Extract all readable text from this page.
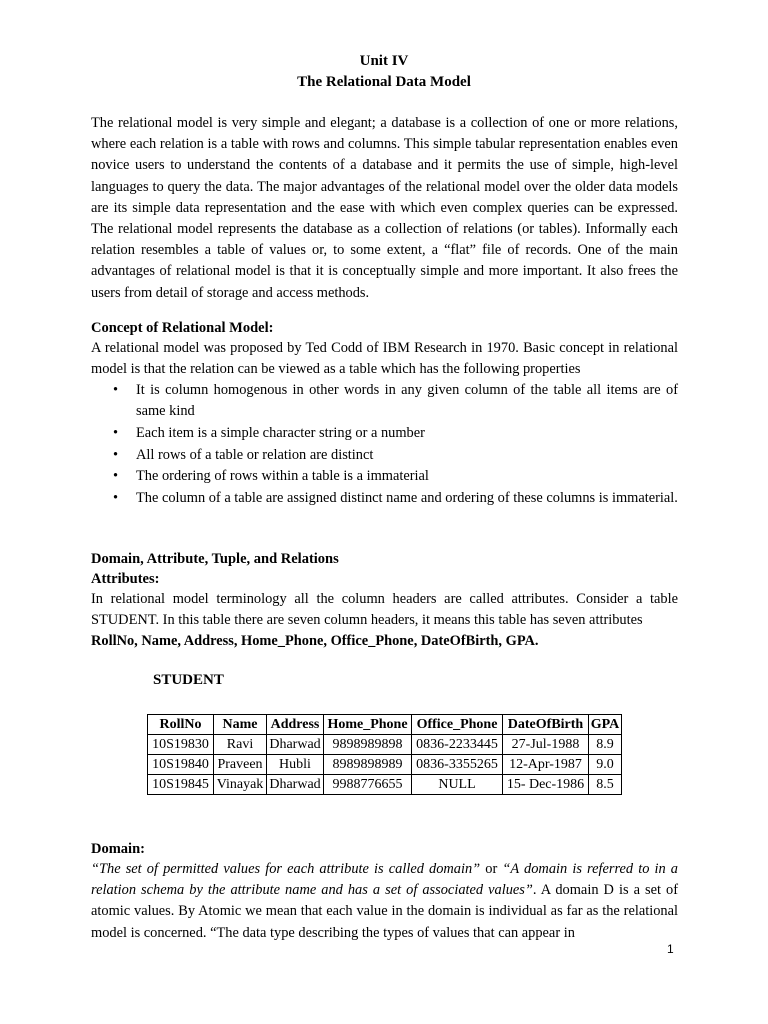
Unit IV
The Relational Data Model

The relational model is very simple and elegant; a database is a collection of one or more relations, where each relation is a table with rows and columns. This simple tabular representation enables even novice users to understand the contents of a database and it permits the use of simple, high-level languages to query the data. The major advantages of the relational model over the older data models are its simple data representation and the ease with which even complex queries can be expressed. The relational model represents the database as a collection of relations (or tables). Informally each relation resembles a table of values or, to some extent, a “flat” file of records. One of the main advantages of relational model is that it is conceptually simple and more important. It also frees the users from detail of storage and access methods.

Concept of Relational Model:

A relational model was proposed by Ted Codd of IBM Research in 1970. Basic concept in relational model is that the relation can be viewed as a table which has the following properties

• It is column homogenous in other words in any given column of the table all items are of same kind
• Each item is a simple character string or a number
• All rows of a table or relation are distinct
• The ordering of rows within a table is a immaterial
• The column of a table are assigned distinct name and ordering of these columns is immaterial.

Domain, Attribute, Tuple, and Relations

Attributes:

In relational model terminology all the column headers are called attributes. Consider a table STUDENT. In this table there are seven column headers, it means this table has seven attributes

RollNo, Name, Address, Home_Phone, Office_Phone, DateOfBirth, GPA.
STUDENT
RollNo	Name	Address	Home_Phone	Office_Phone	DateOfBirth	GPA
10S19830	Ravi	Dharwad	9898989898	0836-2233445	27-Jul-1988	8.9
10S19840	Praveen	Hubli	8989898989	0836-3355265	12-Apr-1987	9.0
10S19845	Vinayak	Dharwad	9988776655	NULL	15- Dec-1986	8.5

Domain:

“The set of permitted values for each attribute is called domain” or “A domain is referred to in a relation schema by the attribute name and has a set of associated values”. A domain D is a set of atomic values. By Atomic we mean that each value in the domain is individual as far as the relational model is concerned. “The data type describing the types of values that can appear in

1
